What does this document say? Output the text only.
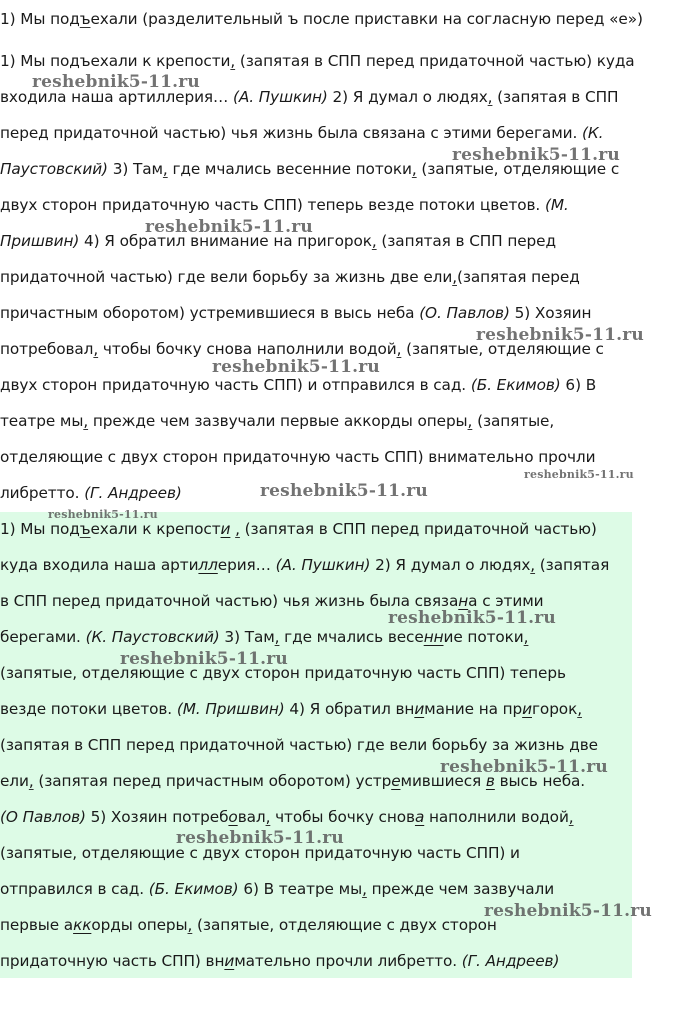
1) Мы подъехали (разделительный ъ после приставки на согласную перед «е»)
1) Мы подъехали к крепости, (запятая в СПП перед придаточной частью) куда
входила наша артиллерия… (А. Пушкин) 2) Я думал о людях, (запятая в СПП
перед придаточной частью) чья жизнь была связана с этими берегами. (К.
Паустовский) 3) Там, где мчались весенние потоки, (запятые, отделяющие с
двух сторон придаточную часть СПП) теперь везде потоки цветов. (М.
Пришвин) 4) Я обратил внимание на пригорок, (запятая в СПП перед
придаточной частью) где вели борьбу за жизнь две ели,(запятая перед
причастным оборотом) устремившиеся в высь неба (О. Павлов) 5) Хозяин
потребовал, чтобы бочку снова наполнили водой, (запятые, отделяющие с
двух сторон придаточную часть СПП) и отправился в сад. (Б. Екимов) 6) В
театре мы, прежде чем зазвучали первые аккорды оперы, (запятые,
отделяющие с двух сторон придаточную часть СПП) внимательно прочли
либретто. (Г. Андреев)
1) Мы подъехали к крепости , (запятая в СПП перед придаточной частью)
куда входила наша артиллерия… (А. Пушкин) 2) Я думал о людях, (запятая
в СПП перед придаточной частью) чья жизнь была связана с этими
берегами. (К. Паустовский) 3) Там, где мчались весенние потоки,
(запятые, отделяющие с двух сторон придаточную часть СПП) теперь
везде потоки цветов. (М. Пришвин) 4) Я обратил внимание на пригорок,
(запятая в СПП перед придаточной частью) где вели борьбу за жизнь две
ели, (запятая перед причастным оборотом) устремившиеся в высь неба.
(О Павлов) 5) Хозяин потребовал, чтобы бочку снова наполнили водой,
(запятые, отделяющие с двух сторон придаточную часть СПП) и
отправился в сад. (Б. Екимов) 6) В театре мы, прежде чем зазвучали
первые аккорды оперы, (запятые, отделяющие с двух сторон
придаточную часть СПП) внимательно прочли либретто. (Г. Андреев)
reshebnik5-11.ru
reshebnik5-11.ru
reshebnik5-11.ru
reshebnik5-11.ru
reshebnik5-11.ru
reshebnik5-11.ru
reshebnik5-11.ru
reshebnik5-11.ru
reshebnik5-11.ru
reshebnik5-11.ru
reshebnik5-11.ru
reshebnik5-11.ru
reshebnik5-11.ru
